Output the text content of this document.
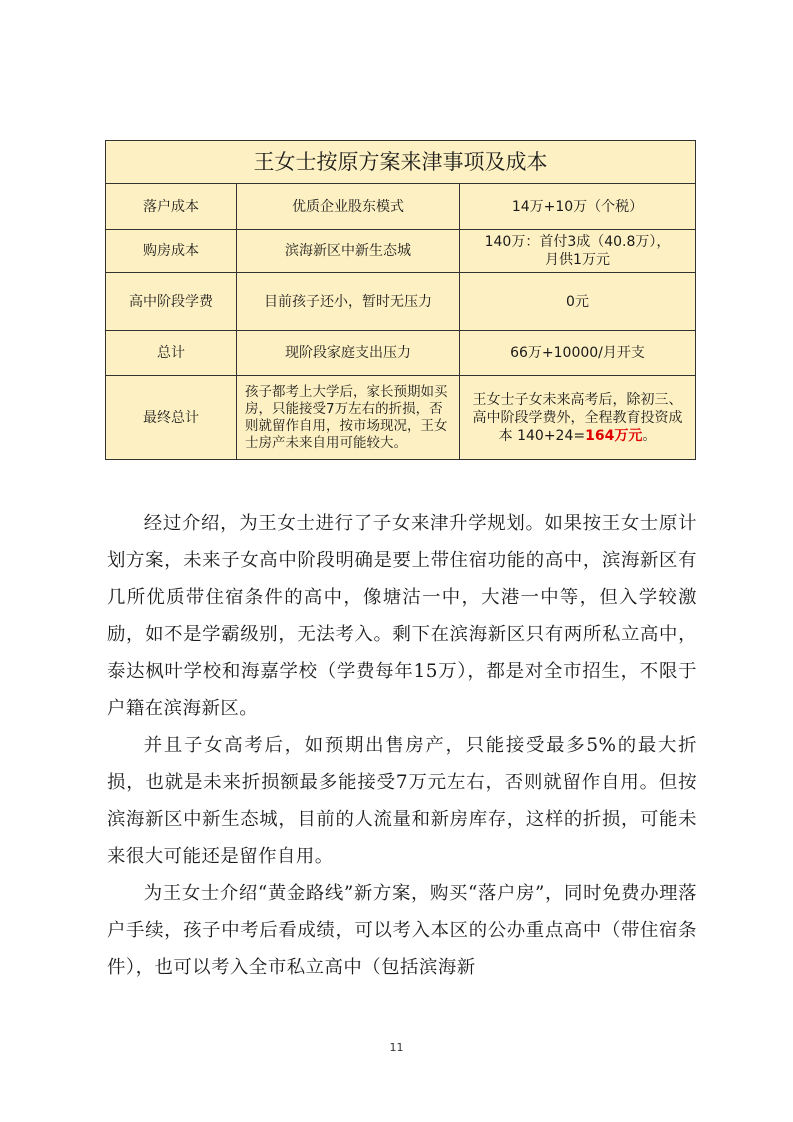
王女士按原方案来津事项及成本		
落户成本	优质企业股东模式	14万+10万（个税）
购房成本	滨海新区中新生态城	140万：首付3成（40.8万），
月供1万元

高中阶段学费	目前孩子还小，暂时无压力	0元
总计	现阶段家庭支出压力	66万+10000/月开支
最终总计	孩子都考上大学后，家长预期如买房，只能接受7万左右的折损，否则就留作自用，按市场现况，王女士房产未来自用可能较大。	王女士子女未来高考后，除初三、高中阶段学费外，全程教育投资成本 140+24=164万元。

经过介绍，为王女士进行了子女来津升学规划。如果按王女士原计划方案，未来子女高中阶段明确是要上带住宿功能的高中，滨海新区有几所优质带住宿条件的高中，像塘沽一中，大港一中等，但入学较激励，如不是学霸级别，无法考入。剩下在滨海新区只有两所私立高中，泰达枫叶学校和海嘉学校（学费每年15万），都是对全市招生，不限于户籍在滨海新区。

并且子女高考后，如预期出售房产，只能接受最多5%的最大折损，也就是未来折损额最多能接受7万元左右，否则就留作自用。但按滨海新区中新生态城，目前的人流量和新房库存，这样的折损，可能未来很大可能还是留作自用。

为王女士介绍“黄金路线”新方案，购买“落户房”，同时免费办理落户手续，孩子中考后看成绩，可以考入本区的公办重点高中（带住宿条件），也可以考入全市私立高中（包括滨海新

11
